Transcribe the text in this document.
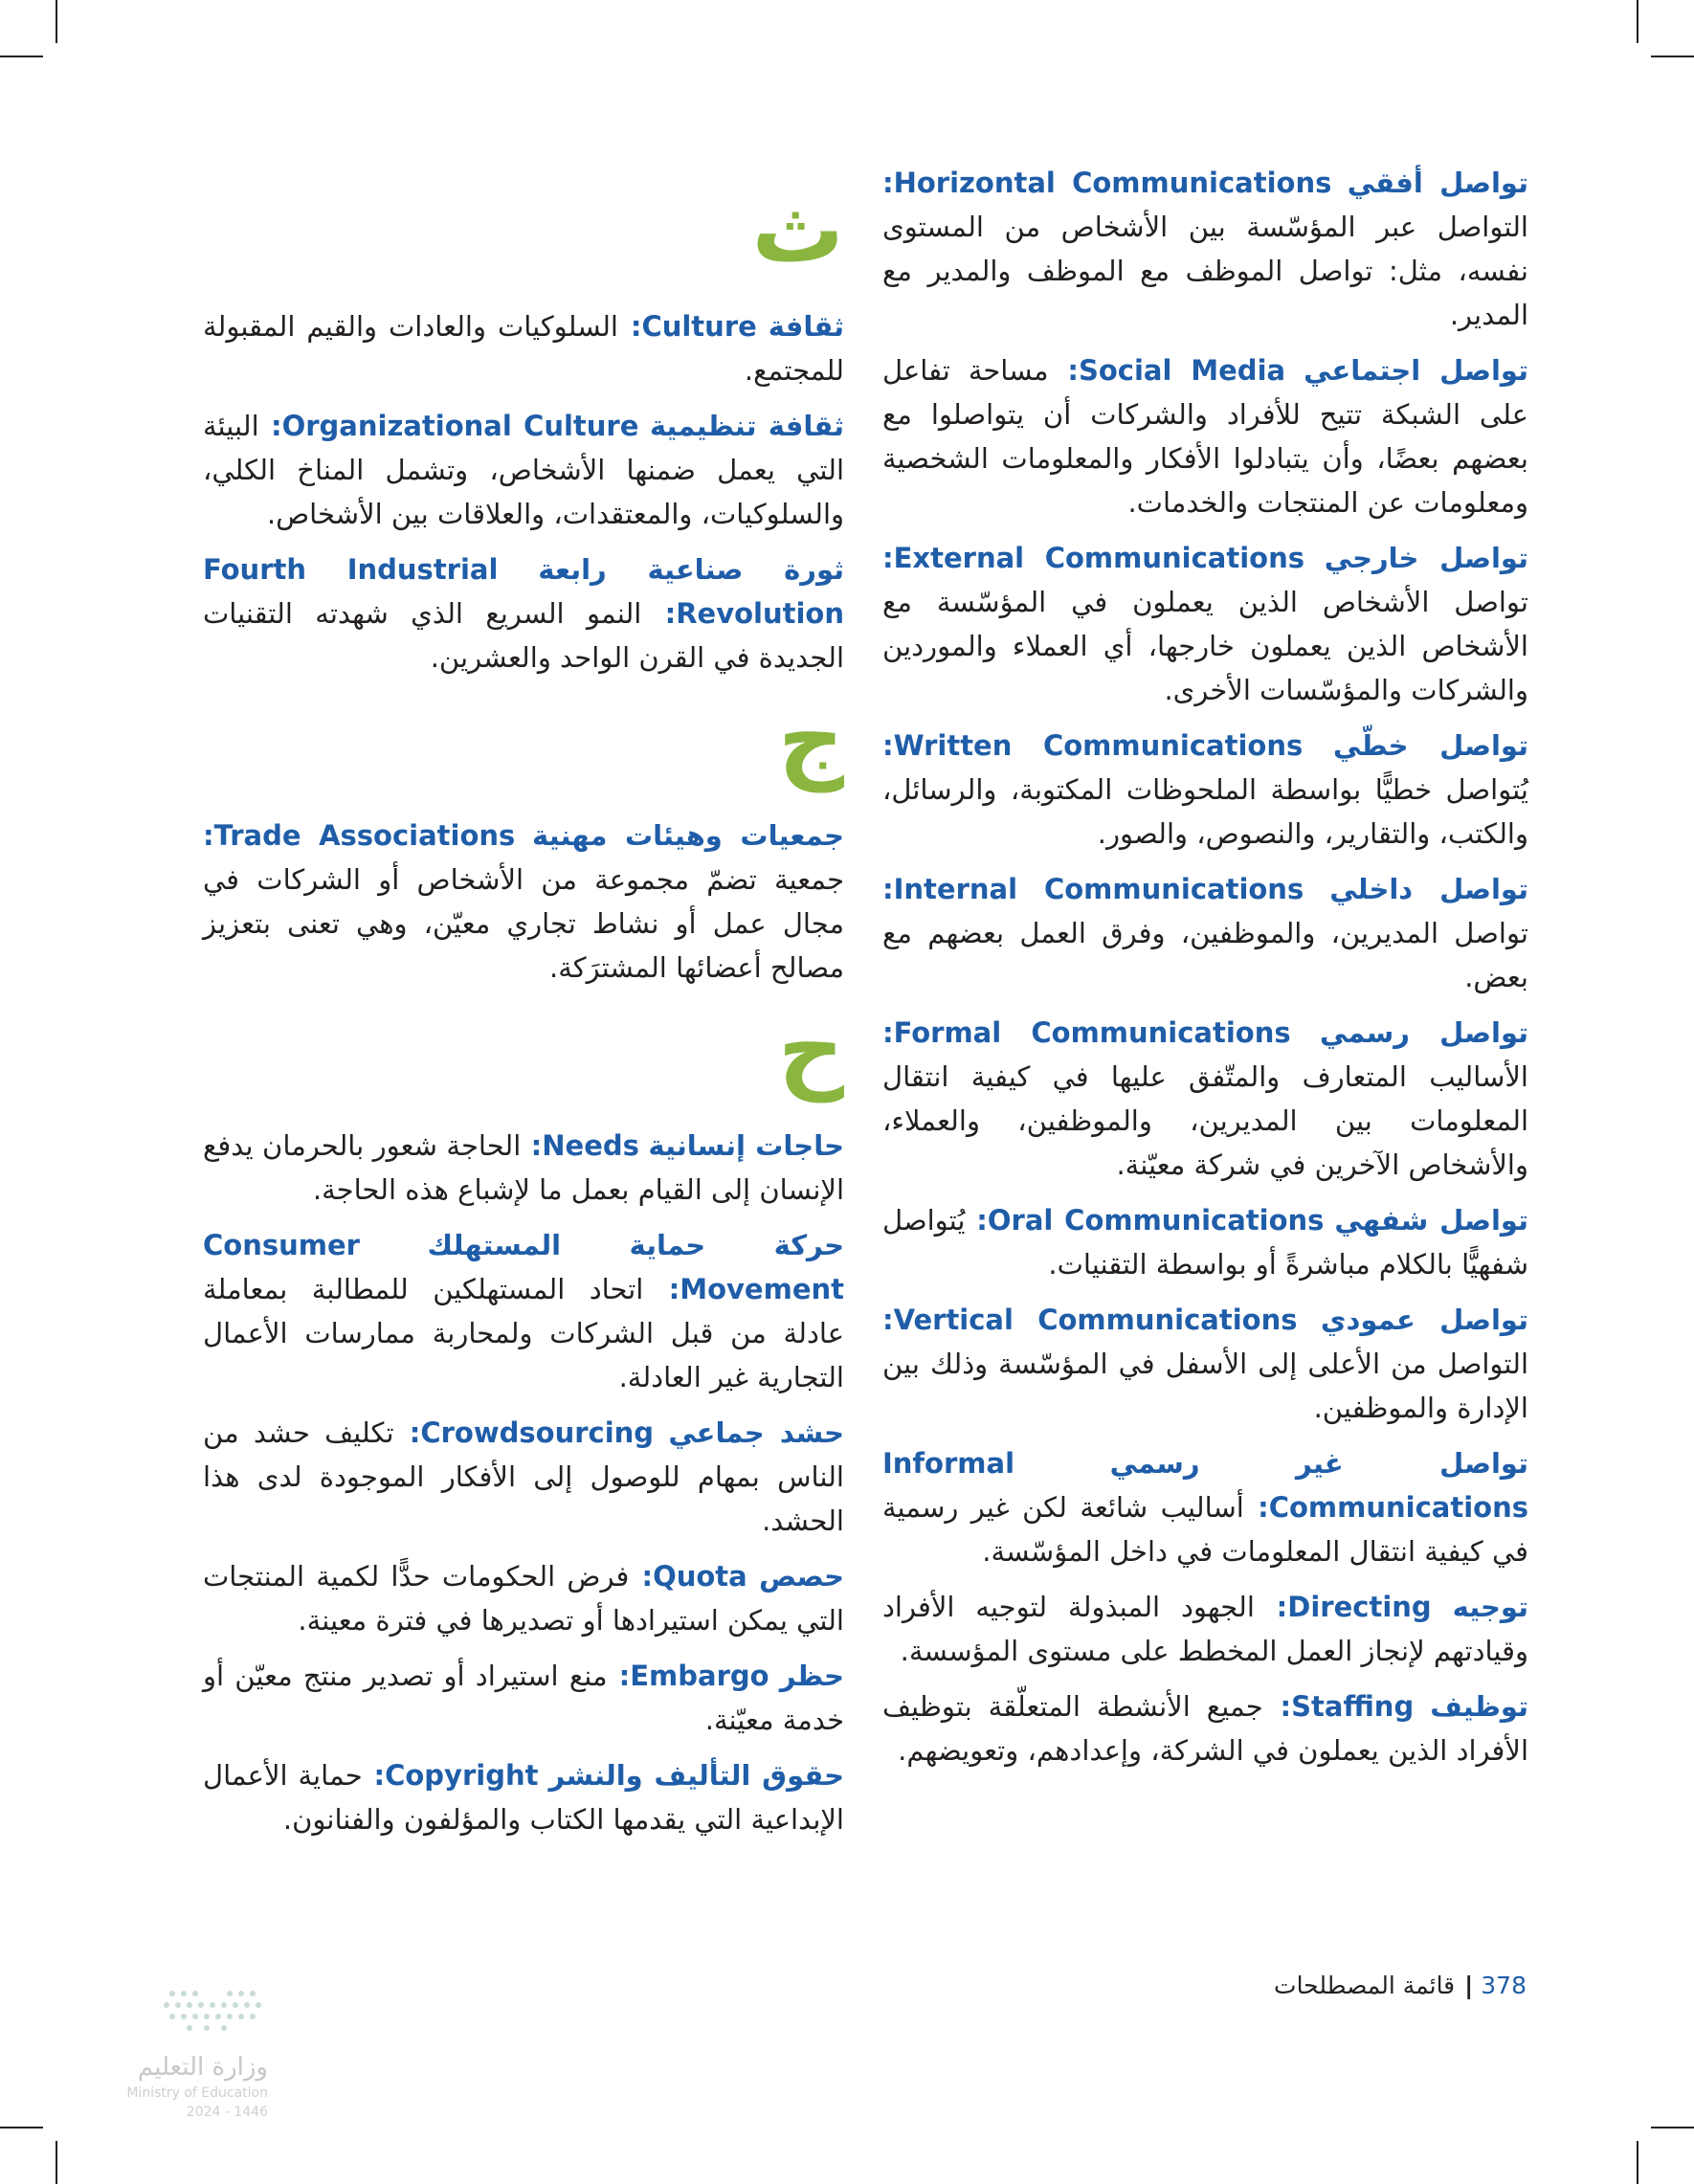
تواصل أفقي Horizontal Communications: التواصل عبر المؤسّسة بين الأشخاص من المستوى نفسه، مثل: تواصل الموظف مع الموظف والمدير مع المدير.

تواصل اجتماعي Social Media: مساحة تفاعل على الشبكة تتيح للأفراد والشركات أن يتواصلوا مع بعضهم بعضًا، وأن يتبادلوا الأفكار والمعلومات الشخصية ومعلومات عن المنتجات والخدمات.

تواصل خارجي External Communications: تواصل الأشخاص الذين يعملون في المؤسّسة مع الأشخاص الذين يعملون خارجها، أي العملاء والموردين والشركات والمؤسّسات الأخرى.

تواصل خطّي Written Communications: يُتواصل خطيًّا بواسطة الملحوظات المكتوبة، والرسائل، والكتب، والتقارير، والنصوص، والصور.

تواصل داخلي Internal Communications: تواصل المديرين، والموظفين، وفرق العمل بعضهم مع بعض.

تواصل رسمي Formal Communications: الأساليب المتعارف والمتّفق عليها في كيفية انتقال المعلومات بين المديرين، والموظفين، والعملاء، والأشخاص الآخرين في شركة معيّنة.

تواصل شفهي Oral Communications: يُتواصل شفهيًّا بالكلام مباشرةً أو بواسطة التقنيات.

تواصل عمودي Vertical Communications: التواصل من الأعلى إلى الأسفل في المؤسّسة وذلك بين الإدارة والموظفين.

تواصل غير رسمي Informal Communications: أساليب شائعة لكن غير رسمية في كيفية انتقال المعلومات في داخل المؤسّسة.

توجيه Directing: الجهود المبذولة لتوجيه الأفراد وقيادتهم لإنجاز العمل المخطط على مستوى المؤسسة.

توظيف Staffing: جميع الأنشطة المتعلّقة بتوظيف الأفراد الذين يعملون في الشركة، وإعدادهم، وتعويضهم.

ث

ثقافة Culture: السلوكيات والعادات والقيم المقبولة للمجتمع.

ثقافة تنظيمية Organizational Culture: البيئة التي يعمل ضمنها الأشخاص، وتشمل المناخ الكلي، والسلوكيات، والمعتقدات، والعلاقات بين الأشخاص.

ثورة صناعية رابعة Fourth Industrial Revolution: النمو السريع الذي شهدته التقنيات الجديدة في القرن الواحد والعشرين.

ج

جمعيات وهيئات مهنية Trade Associations: جمعية تضمّ مجموعة من الأشخاص أو الشركات في مجال عمل أو نشاط تجاري معيّن، وهي تعنى بتعزيز مصالح أعضائها المشترَكة.

ح

حاجات إنسانية Needs: الحاجة شعور بالحرمان يدفع الإنسان إلى القيام بعمل ما لإشباع هذه الحاجة.

حركة حماية المستهلك Consumer Movement: اتحاد المستهلكين للمطالبة بمعاملة عادلة من قبل الشركات ولمحاربة ممارسات الأعمال التجارية غير العادلة.

حشد جماعي Crowdsourcing: تكليف حشد من الناس بمهام للوصول إلى الأفكار الموجودة لدى هذا الحشد.

حصص Quota: فرض الحكومات حدًّا لكمية المنتجات التي يمكن استيرادها أو تصديرها في فترة معينة.

حظر Embargo: منع استيراد أو تصدير منتج معيّن أو خدمة معيّنة.

حقوق التأليف والنشر Copyright: حماية الأعمال الإبداعية التي يقدمها الكتاب والمؤلفون والفنانون.

378|قائمة المصطلحات
وزارة التعليم
Ministry of Education
2024 - 1446
